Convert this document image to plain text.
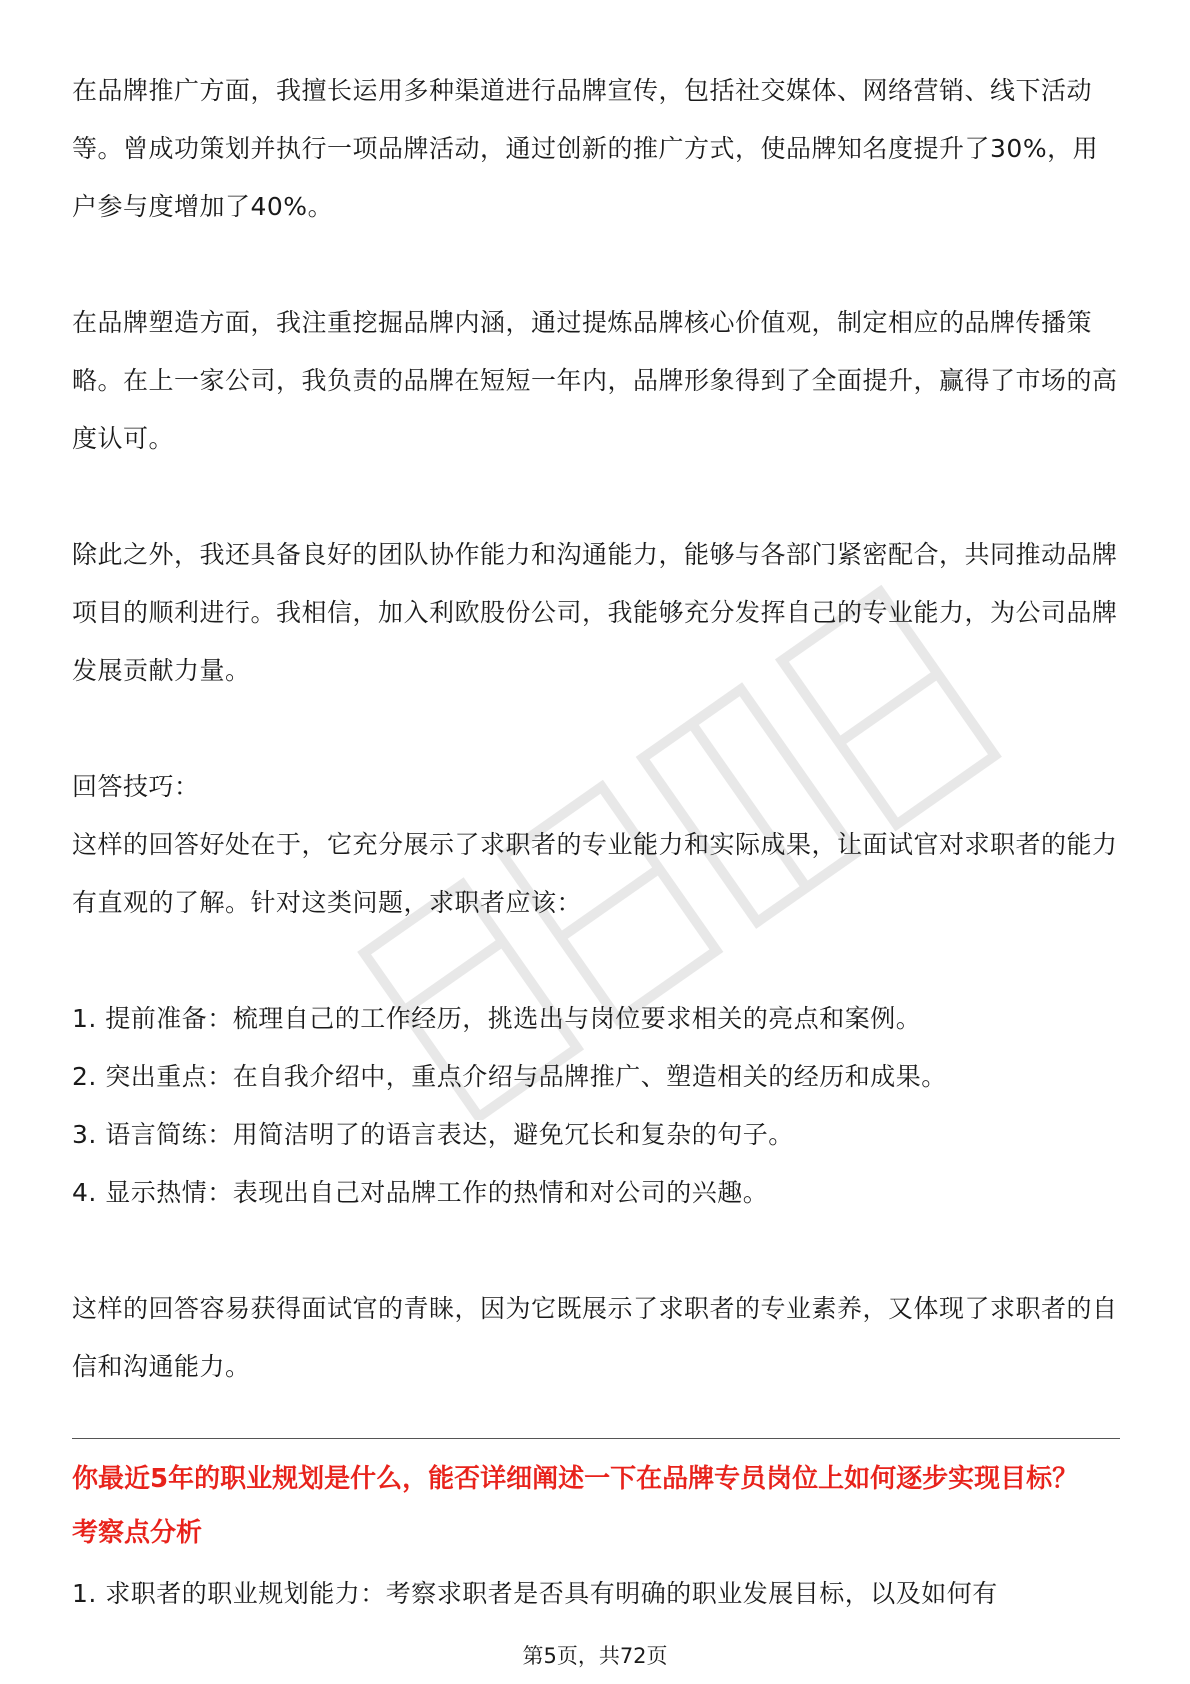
在品牌推广方面，我擅长运用多种渠道进行品牌宣传，包括社交媒体、网络营销、线下活动等。曾成功策划并执行一项品牌活动，通过创新的推广方式，使品牌知名度提升了30%，用户参与度增加了40%。

在品牌塑造方面，我注重挖掘品牌内涵，通过提炼品牌核心价值观，制定相应的品牌传播策略。在上一家公司，我负责的品牌在短短一年内，品牌形象得到了全面提升，赢得了市场的高度认可。

除此之外，我还具备良好的团队协作能力和沟通能力，能够与各部门紧密配合，共同推动品牌项目的顺利进行。我相信，加入利欧股份公司，我能够充分发挥自己的专业能力，为公司品牌发展贡献力量。

回答技巧：

这样的回答好处在于，它充分展示了求职者的专业能力和实际成果，让面试官对求职者的能力有直观的了解。针对这类问题，求职者应该：

1. 提前准备：梳理自己的工作经历，挑选出与岗位要求相关的亮点和案例。

2. 突出重点：在自我介绍中，重点介绍与品牌推广、塑造相关的经历和成果。

3. 语言简练：用简洁明了的语言表达，避免冗长和复杂的句子。

4. 显示热情：表现出自己对品牌工作的热情和对公司的兴趣。

这样的回答容易获得面试官的青睐，因为它既展示了求职者的专业素养，又体现了求职者的自信和沟通能力。

你最近5年的职业规划是什么，能否详细阐述一下在品牌专员岗位上如何逐步实现目标？

考察点分析

1. 求职者的职业规划能力：考察求职者是否具有明确的职业发展目标，以及如何有

第5页，共72页
